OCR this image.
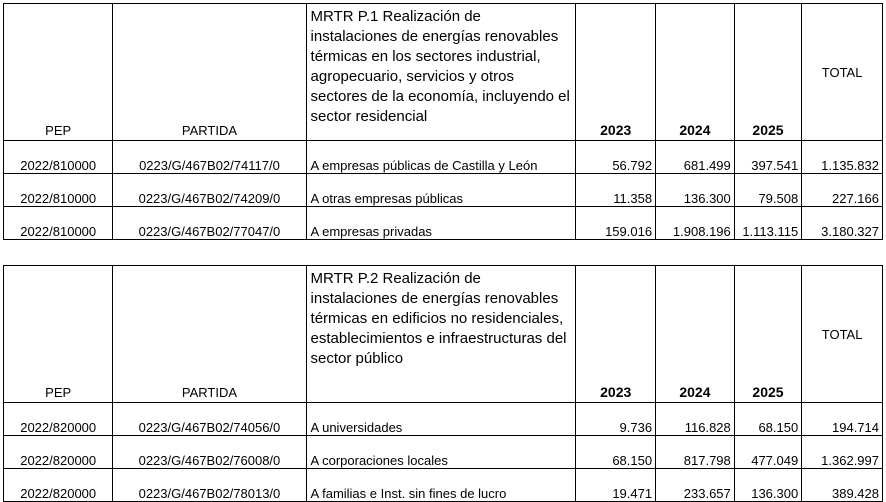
PEP	PARTIDA	MRTR P.1 Realización de instalaciones de energías renovables térmicas en los sectores industrial, agropecuario, servicios y otros sectores de la economía, incluyendo el sector residencial	2023	2024	2025	TOTAL
2022/810000	0223/G/467B02/74117/0	A empresas públicas de Castilla y León	56.792	681.499	397.541	1.135.832
2022/810000	0223/G/467B02/74209/0	A otras empresas públicas	11.358	136.300	79.508	227.166
2022/810000	0223/G/467B02/77047/0	A empresas privadas	159.016	1.908.196	1.113.115	3.180.327
PEP	PARTIDA	MRTR P.2 Realización de instalaciones de energías renovables térmicas en edificios no residenciales, establecimientos e infraestructuras del sector público	2023	2024	2025	TOTAL
2022/820000	0223/G/467B02/74056/0	A universidades	9.736	116.828	68.150	194.714
2022/820000	0223/G/467B02/76008/0	A corporaciones locales	68.150	817.798	477.049	1.362.997
2022/820000	0223/G/467B02/78013/0	A familias e Inst. sin fines de lucro	19.471	233.657	136.300	389.428
